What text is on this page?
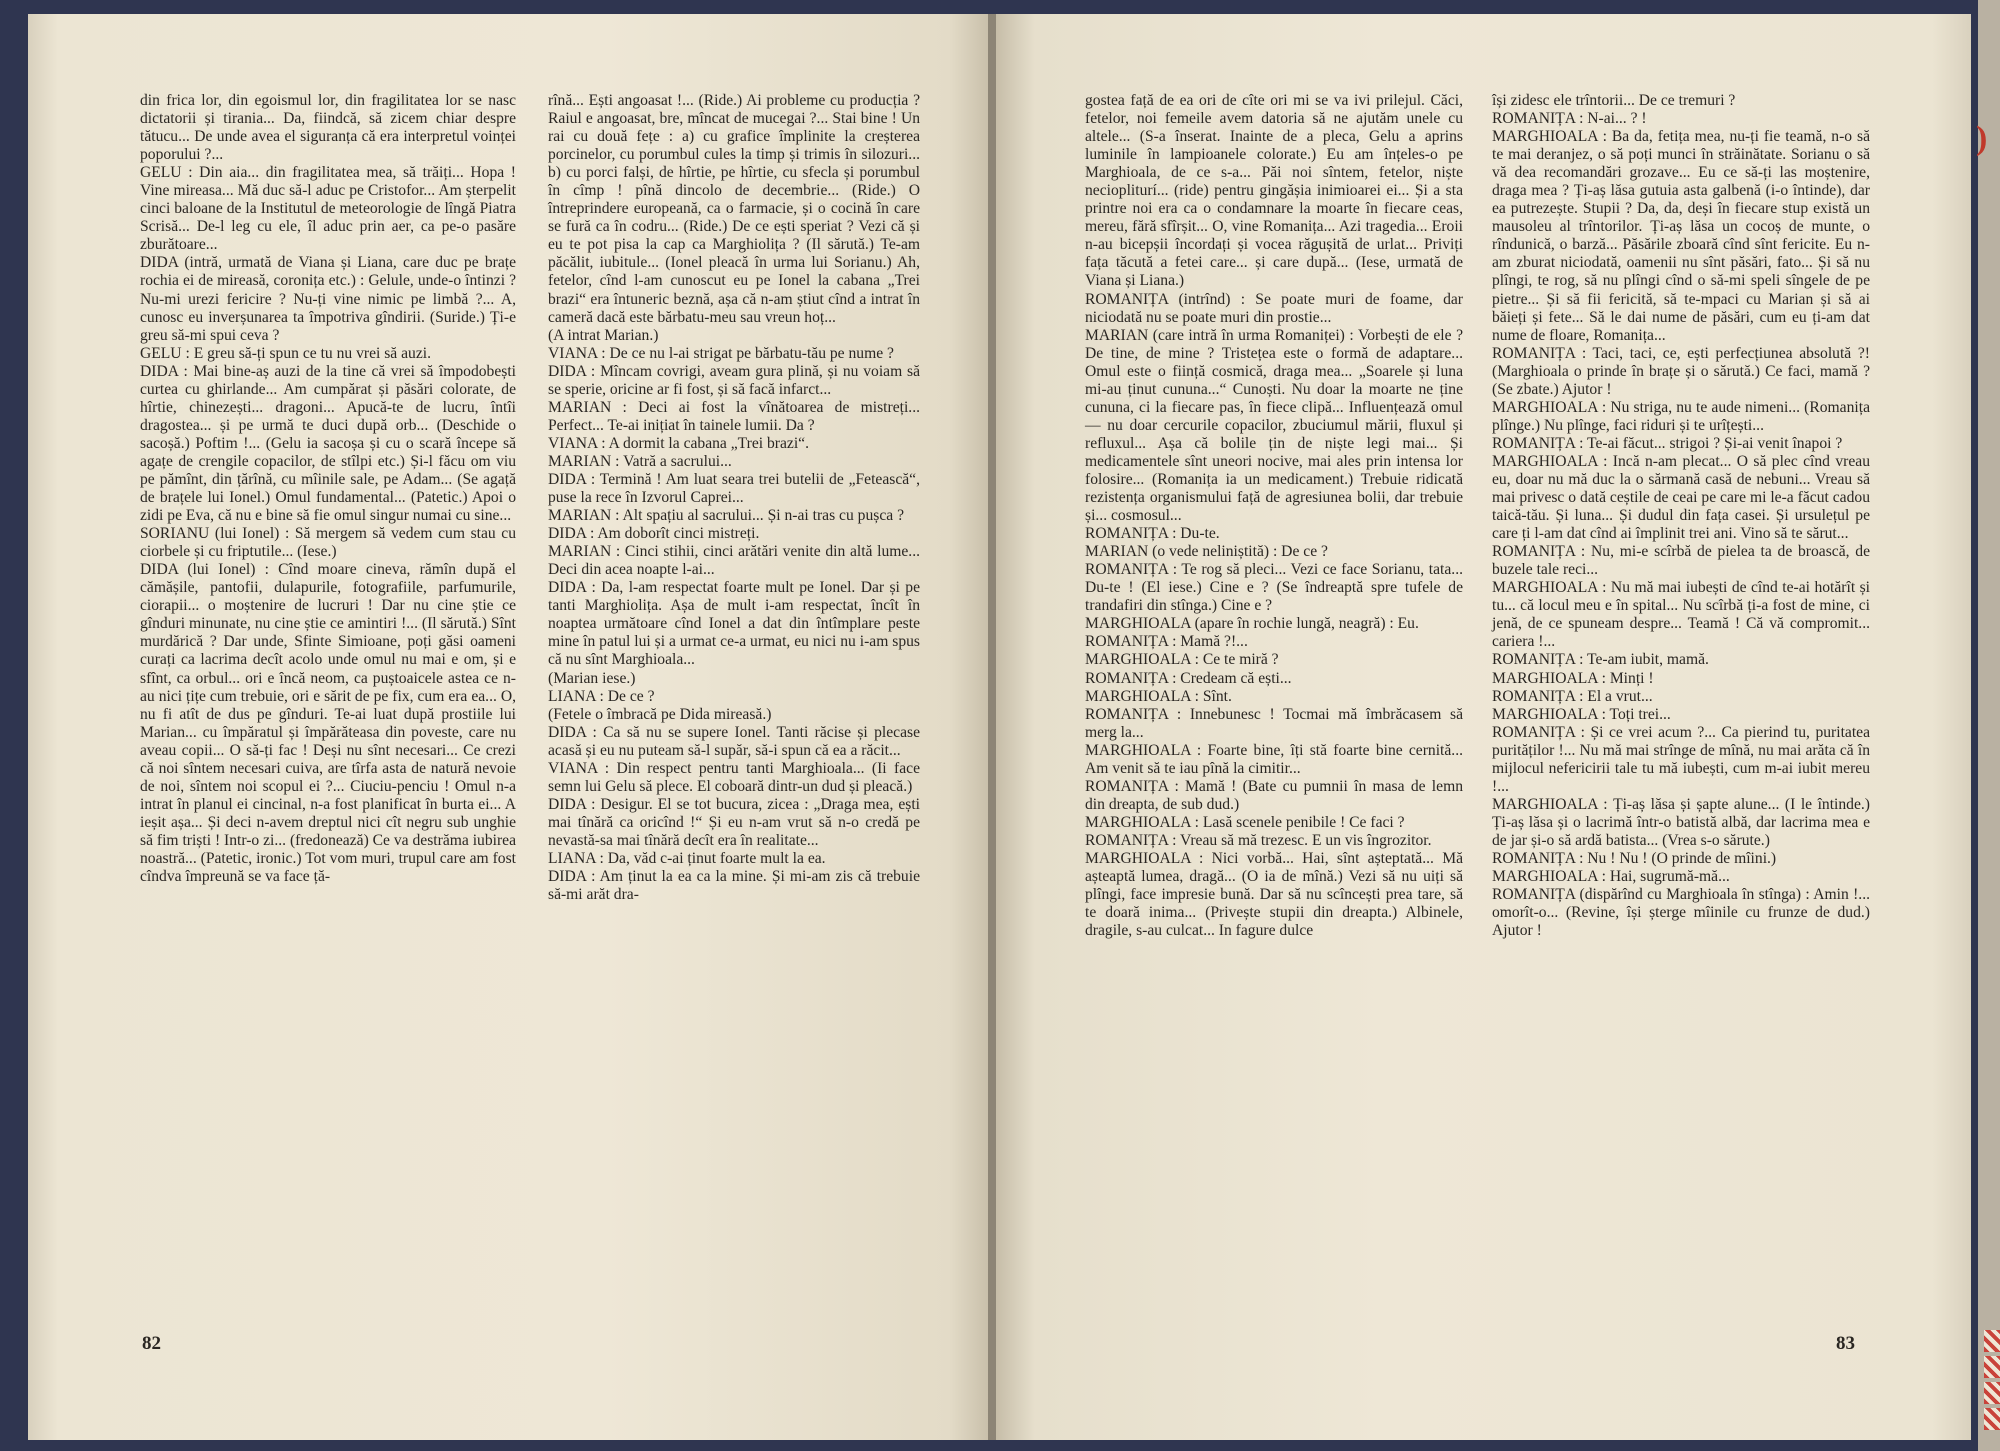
)

din frica lor, din egoismul lor, din fragilitatea lor se nasc dictatorii și tirania... Da, fiindcă, să zicem chiar despre tătucu... De unde avea el siguranța că era interpretul voinței poporului ?...
GELU : Din aia... din fragilitatea mea, să trăiți... Hopa ! Vine mireasa... Mă duc să-l aduc pe Cristofor... Am șterpelit cinci baloane de la Institutul de meteorologie de lîngă Piatra Scrisă... De-l leg cu ele, îl aduc prin aer, ca pe-o pasăre zburătoare...
DIDA (intră, urmată de Viana și Liana, care duc pe brațe rochia ei de mireasă, coronița etc.) : Gelule, unde-o întinzi ? Nu-mi urezi fericire ? Nu-ți vine nimic pe limbă ?... A, cunosc eu inverșunarea ta împotriva gîndirii. (Suride.) Ți-e greu să-mi spui ceva ?
GELU : E greu să-ți spun ce tu nu vrei să auzi.
DIDA : Mai bine-aș auzi de la tine că vrei să împodobești curtea cu ghirlande... Am cumpărat și păsări colorate, de hîrtie, chinezești... dragoni... Apucă-te de lucru, întîi dragostea... și pe urmă te duci după orb... (Deschide o sacoșă.) Poftim !... (Gelu ia sacoșa și cu o scară începe să agațe de crengile copacilor, de stîlpi etc.) Și-l făcu om viu pe pămînt, din țărînă, cu mîinile sale, pe Adam... (Se agață de brațele lui Ionel.) Omul fundamental... (Patetic.) Apoi o zidi pe Eva, că nu e bine să fie omul singur numai cu sine...
SORIANU (lui Ionel) : Să mergem să vedem cum stau cu ciorbele și cu friptutile... (Iese.)
DIDA (lui Ionel) : Cînd moare cineva, rămîn după el cămășile, pantofii, dulapurile, fotografiile, parfumurile, ciorapii... o moștenire de lucruri ! Dar nu cine știe ce gînduri minunate, nu cine știe ce amintiri !... (Il sărută.) Sînt murdărică ? Dar unde, Sfinte Simioane, poți găsi oameni curați ca lacrima decît acolo unde omul nu mai e om, și e sfînt, ca orbul... ori e încă neom, ca puștoaicele astea ce n-au nici țițe cum trebuie, ori e sărit de pe fix, cum era ea... O, nu fi atît de dus pe gînduri. Te-ai luat după prostiile lui Marian... cu împăratul și împărăteasa din poveste, care nu aveau copii... O să-ți fac ! Deși nu sînt necesari... Ce crezi că noi sîntem necesari cuiva, are tîrfa asta de natură nevoie de noi, sîntem noi scopul ei ?... Ciuciu-penciu ! Omul n-a intrat în planul ei cincinal, n-a fost planificat în burta ei... A ieșit așa... Și deci n-avem dreptul nici cît negru sub unghie să fim triști ! Intr-o zi... (fredonează) Ce va destrăma iubirea noastră... (Patetic, ironic.) Tot vom muri, trupul care am fost cîndva împreună se va face ță-

rînă... Ești angoasat !... (Ride.) Ai probleme cu producția ? Raiul e angoasat, bre, mîncat de mucegai ?... Stai bine ! Un rai cu două fețe : a) cu grafice împlinite la creșterea porcinelor, cu porumbul cules la timp și trimis în silozuri... b) cu porci falși, de hîrtie, pe hîrtie, cu sfecla și porumbul în cîmp ! pînă dincolo de decembrie... (Ride.) O întreprindere europeană, ca o farmacie, și o cocină în care se fură ca în codru... (Ride.) De ce ești speriat ? Vezi că și eu te pot pisa la cap ca Marghiolița ? (Il sărută.) Te-am păcălit, iubitule... (Ionel pleacă în urma lui Sorianu.) Ah, fetelor, cînd l-am cunoscut eu pe Ionel la cabana „Trei brazi“ era întuneric beznă, așa că n-am știut cînd a intrat în cameră dacă este bărbatu-meu sau vreun hoț...
(A intrat Marian.)
VIANA : De ce nu l-ai strigat pe bărbatu-tău pe nume ?
DIDA : Mîncam covrigi, aveam gura plină, și nu voiam să se sperie, oricine ar fi fost, și să facă infarct...
MARIAN : Deci ai fost la vînătoarea de mistreți... Perfect... Te-ai inițiat în tainele lumii. Da ?
VIANA : A dormit la cabana „Trei brazi“.
MARIAN : Vatră a sacrului...
DIDA : Termină ! Am luat seara trei butelii de „Fetească“, puse la rece în Izvorul Caprei...
MARIAN : Alt spațiu al sacrului... Și n-ai tras cu pușca ?
DIDA : Am doborît cinci mistreți.
MARIAN : Cinci stihii, cinci arătări venite din altă lume... Deci din acea noapte l-ai...
DIDA : Da, l-am respectat foarte mult pe Ionel. Dar și pe tanti Marghiolița. Așa de mult i-am respectat, încît în noaptea următoare cînd Ionel a dat din întîmplare peste mine în patul lui și a urmat ce-a urmat, eu nici nu i-am spus că nu sînt Marghioala...
(Marian iese.)
LIANA : De ce ?
(Fetele o îmbracă pe Dida mireasă.)
DIDA : Ca să nu se supere Ionel. Tanti răcise și plecase acasă și eu nu puteam să-l supăr, să-i spun că ea a răcit...
VIANA : Din respect pentru tanti Marghioala... (Ii face semn lui Gelu să plece. El coboară dintr-un dud și pleacă.)
DIDA : Desigur. El se tot bucura, zicea : „Draga mea, ești mai tînără ca oricînd !“ Și eu n-am vrut să n-o credă pe nevastă-sa mai tînără decît era în realitate...
LIANA : Da, văd c-ai ținut foarte mult la ea.
DIDA : Am ținut la ea ca la mine. Și mi-am zis că trebuie să-mi arăt dra-

gostea față de ea ori de cîte ori mi se va ivi prilejul. Căci, fetelor, noi femeile avem datoria să ne ajutăm unele cu altele... (S-a înserat. Inainte de a pleca, Gelu a aprins luminile în lampioanele colorate.) Eu am înțeles-o pe Marghioala, de ce s-a... Păi noi sîntem, fetelor, niște neciopliturí... (ride) pentru gingășia inimioarei ei... Și a sta printre noi era ca o condamnare la moarte în fiecare ceas, mereu, fără sfîrșit... O, vine Romanița... Azi tragedia... Eroii n-au bicepșii încordați și vocea răgușită de urlat... Priviți fața tăcută a fetei care... și care după... (Iese, urmată de Viana și Liana.)
ROMANIȚA (intrînd) : Se poate muri de foame, dar niciodată nu se poate muri din prostie...
MARIAN (care intră în urma Romaniței) : Vorbești de ele ? De tine, de mine ? Tristețea este o formă de adaptare... Omul este o ființă cosmică, draga mea... „Soarele și luna mi-au ținut cununa...“ Cunoști. Nu doar la moarte ne ține cununa, ci la fiecare pas, în fiece clipă... Influențează omul — nu doar cercurile copacilor, zbuciumul mării, fluxul și refluxul... Așa că bolile țin de niște legi mai... Și medicamentele sînt uneori nocive, mai ales prin intensa lor folosire... (Romanița ia un medicament.) Trebuie ridicată rezistența organismului față de agresiunea bolii, dar trebuie și... cosmosul...
ROMANIȚA : Du-te.
MARIAN (o vede neliniștită) : De ce ?
ROMANIȚA : Te rog să pleci... Vezi ce face Sorianu, tata... Du-te ! (El iese.) Cine e ? (Se îndreaptă spre tufele de trandafiri din stînga.) Cine e ?
MARGHIOALA (apare în rochie lungă, neagră) : Eu.
ROMANIȚA : Mamă ?!...
MARGHIOALA : Ce te miră ?
ROMANIȚA : Credeam că ești...
MARGHIOALA : Sînt.
ROMANIȚA : Innebunesc ! Tocmai mă îmbrăcasem să merg la...
MARGHIOALA : Foarte bine, îți stă foarte bine cernită... Am venit să te iau pînă la cimitir...
ROMANIȚA : Mamă ! (Bate cu pumnii în masa de lemn din dreapta, de sub dud.)
MARGHIOALA : Lasă scenele penibile ! Ce faci ?
ROMANIȚA : Vreau să mă trezesc. E un vis îngrozitor.
MARGHIOALA : Nici vorbă... Hai, sînt așteptată... Mă așteaptă lumea, dragă... (O ia de mînă.) Vezi să nu uiți să plîngi, face impresie bună. Dar să nu scîncești prea tare, să te doară inima... (Privește stupii din dreapta.) Albinele, dragile, s-au culcat... In fagure dulce

își zidesc ele trîntorii... De ce tremuri ?
ROMANIȚA : N-ai... ? !
MARGHIOALA : Ba da, fetița mea, nu-ți fie teamă, n-o să te mai deranjez, o să poți munci în străinătate. Sorianu o să vă dea recomandări grozave... Eu ce să-ți las moștenire, draga mea ? Ți-aș lăsa gutuia asta galbenă (i-o întinde), dar ea putrezește. Stupii ? Da, da, deși în fiecare stup există un mausoleu al trîntorilor. Ți-aș lăsa un cocoș de munte, o rîndunică, o barză... Păsările zboară cînd sînt fericite. Eu n-am zburat niciodată, oamenii nu sînt păsări, fato... Și să nu plîngi, te rog, să nu plîngi cînd o să-mi speli sîngele de pe pietre... Și să fii fericită, să te-mpaci cu Marian și să ai băieți și fete... Să le dai nume de păsări, cum eu ți-am dat nume de floare, Romanița...
ROMANIȚA : Taci, taci, ce, ești perfecțiunea absolută ?! (Marghioala o prinde în brațe și o sărută.) Ce faci, mamă ? (Se zbate.) Ajutor !
MARGHIOALA : Nu striga, nu te aude nimeni... (Romanița plînge.) Nu plînge, faci riduri și te urîțești...
ROMANIȚA : Te-ai făcut... strigoi ? Și-ai venit înapoi ?
MARGHIOALA : Incă n-am plecat... O să plec cînd vreau eu, doar nu mă duc la o sărmană casă de nebuni... Vreau să mai privesc o dată ceștile de ceai pe care mi le-a făcut cadou taică-tău. Și luna... Și dudul din fața casei. Și ursulețul pe care ți l-am dat cînd ai împlinit trei ani. Vino să te sărut...
ROMANIȚA : Nu, mi-e scîrbă de pielea ta de broască, de buzele tale reci...
MARGHIOALA : Nu mă mai iubești de cînd te-ai hotărît și tu... că locul meu e în spital... Nu scîrbă ți-a fost de mine, ci jenă, de ce spuneam despre... Teamă ! Că vă compromit... cariera !...
ROMANIȚA : Te-am iubit, mamă.
MARGHIOALA : Minți !
ROMANIȚA : El a vrut...
MARGHIOALA : Toți trei...
ROMANIȚA : Și ce vrei acum ?... Ca pierind tu, puritatea purităților !... Nu mă mai strînge de mînă, nu mai arăta că în mijlocul nefericirii tale tu mă iubești, cum m-ai iubit mereu !...
MARGHIOALA : Ți-aș lăsa și șapte alune... (I le întinde.) Ți-aș lăsa și o lacrimă într-o batistă albă, dar lacrima mea e de jar și-o să ardă batista... (Vrea s-o sărute.)
ROMANIȚA : Nu ! Nu ! (O prinde de mîini.)
MARGHIOALA : Hai, sugrumă-mă...
ROMANIȚA (dispărînd cu Marghioala în stînga) : Amin !... omorît-o... (Revine, își șterge mîinile cu frunze de dud.) Ajutor !

82	83
